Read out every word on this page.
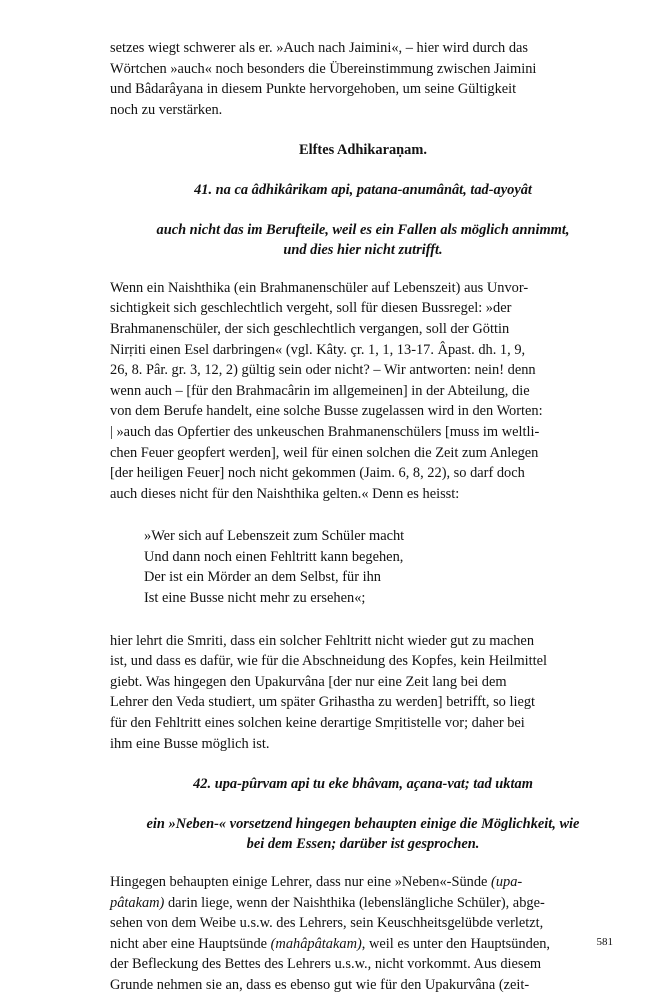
setzes wiegt schwerer als er. »Auch nach Jaimini«, – hier wird durch das
Wörtchen »auch« noch besonders die Übereinstimmung zwischen Jaimini
und Bâdarâyana in diesem Punkte hervorgehoben, um seine Gültigkeit
noch zu verstärken.
Elftes Adhikaraṇam.
41. na ca âdhikârikam api, patana-anumânât, tad-ayoyât
auch nicht das im Berufteile, weil es ein Fallen als möglich annimmt,
und dies hier nicht zutrifft.
Wenn ein Naishthika (ein Brahmanenschüler auf Lebenszeit) aus Unvor-
sichtigkeit sich geschlechtlich vergeht, soll für diesen Bussregel: »der
Brahmanenschüler, der sich geschlechtlich vergangen, soll der Göttin
Nirṛiti einen Esel darbringen« (vgl. Kâty. çr. 1, 1, 13-17. Âpast. dh. 1, 9,
26, 8. Pâr. gr. 3, 12, 2) gültig sein oder nicht? – Wir antworten: nein! denn
wenn auch – [für den Brahmacârin im allgemeinen] in der Abteilung, die
von dem Berufe handelt, eine solche Busse zugelassen wird in den Worten:
| »auch das Opfertier des unkeuschen Brahmanenschülers [muss im weltli-
chen Feuer geopfert werden], weil für einen solchen die Zeit zum Anlegen
[der heiligen Feuer] noch nicht gekommen (Jaim. 6, 8, 22), so darf doch
auch dieses nicht für den Naishthika gelten.« Denn es heisst:
»Wer sich auf Lebenszeit zum Schüler macht
Und dann noch einen Fehltritt kann begehen,
Der ist ein Mörder an dem Selbst, für ihn
Ist eine Busse nicht mehr zu ersehen«;
hier lehrt die Smriti, dass ein solcher Fehltritt nicht wieder gut zu machen
ist, und dass es dafür, wie für die Abschneidung des Kopfes, kein Heilmittel
giebt. Was hingegen den Upakurvâna [der nur eine Zeit lang bei dem
Lehrer den Veda studiert, um später Grihastha zu werden] betrifft, so liegt
für den Fehltritt eines solchen keine derartige Smṛitistelle vor; daher bei
ihm eine Busse möglich ist.
42. upa-pûrvam api tu eke bhâvam, açana-vat; tad uktam
ein »Neben-« vorsetzend hingegen behaupten einige die Möglichkeit, wie
bei dem Essen; darüber ist gesprochen.
Hingegen behaupten einige Lehrer, dass nur eine »Neben«-Sünde (upa-
pâtakam) darin liege, wenn der Naishthika (lebenslängliche Schüler), abge-
sehen von dem Weibe u.s.w. des Lehrers, sein Keuschheitsgelübde verletzt,
nicht aber eine Hauptsünde (mahâpâtakam), weil es unter den Hauptsünden,
der Befleckung des Bettes des Lehrers u.s.w., nicht vorkommt. Aus diesem
Grunde nehmen sie an, dass es ebenso gut wie für den Upakurvâna (zeit-
581
